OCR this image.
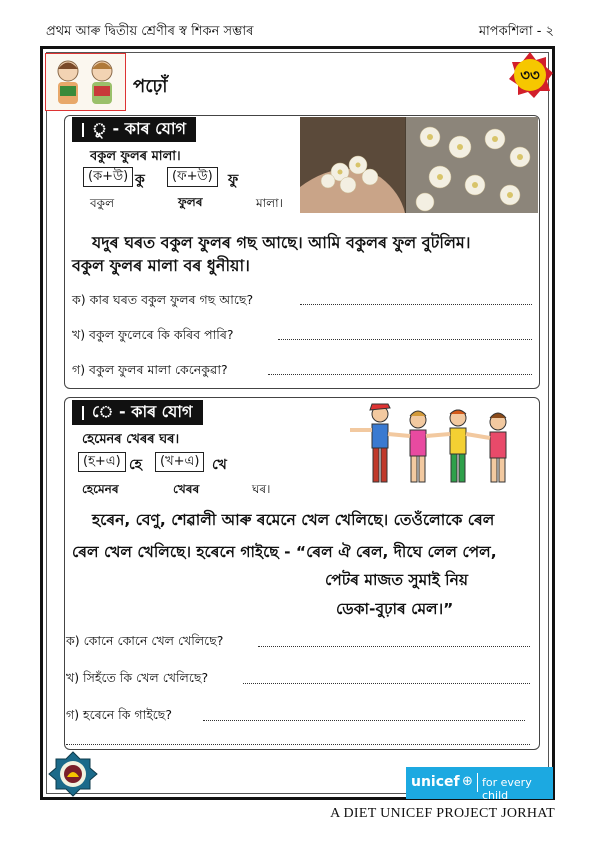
প্ৰথম আৰু দ্বিতীয় শ্ৰেণীৰ স্ব শিকন সম্ভাৰ	মাপকশিলা - ২
পঢ়োঁ
৩৩
ু - কাৰ যোগ
বকুল ফুলৰ মালা।
(ক+উ) কু	(ফ+উ)	ফু
বকুল	ফুলৰ	মালা।
যদুৰ ঘৰত বকুল ফুলৰ গছ আছে। আমি বকুলৰ ফুল বুটলিম।
বকুল ফুলৰ মালা বৰ ধুনীয়া।
ক) কাৰ ঘৰত বকুল ফুলৰ গছ আছে?
খ) বকুল ফুলেৰে কি কৰিব পাৰি?
গ) বকুল ফুলৰ মালা কেনেকুৱা?
ে - কাৰ যোগ
হেমেনৰ খেৰৰ ঘৰ।
(হ+এ) হে	(খ+এ) খে
হেমেনৰ	খেৰৰ	ঘৰ।
হৰেন, বেণু, শেৱালী আৰু ৰমেনে খেল খেলিছে। তেওঁলোকে ৰেল
ৰেল খেল খেলিছে। হৰেনে গাইছে - “ৰেল ঐ ৰেল, দীঘে লেল পেল,
পেটৰ মাজত সুমাই নিয়
ডেকা-বুঢ়াৰ মেল।”
ক) কোনে কোনে খেল খেলিছে?
খ) সিহঁতে কি খেল খেলিছে?
গ) হৰেনে কি গাইছে?
unicef ⊕ for every child
A DIET UNICEF PROJECT JORHAT
